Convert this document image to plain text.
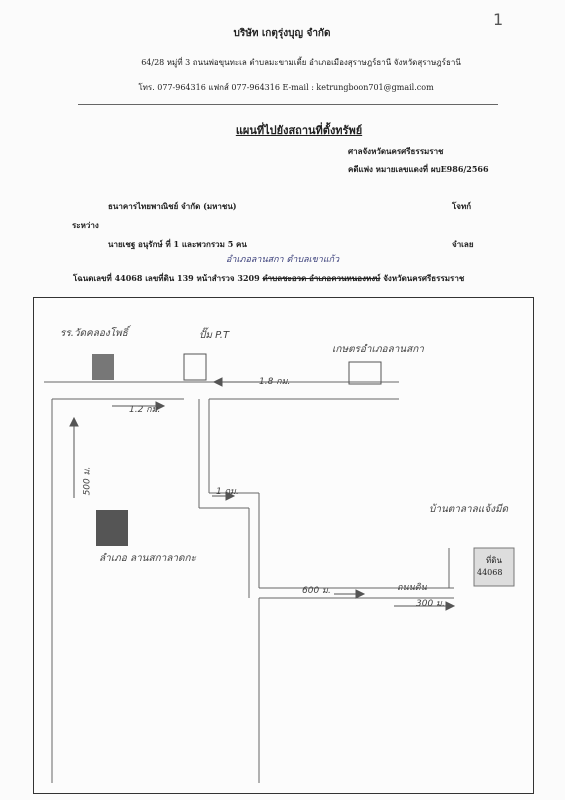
1
บริษัท เกตุรุ่งบุญ จำกัด
64/28 หมู่ที่ 3 ถนนพ่อขุนทะเล ตำบลมะขามเตี้ย อำเภอเมืองสุราษฎร์ธานี จังหวัดสุราษฎร์ธานี
โทร. 077-964316 แฟกส์ 077-964316 E-mail : ketrungboon701@gmail.com
แผนที่ไปยังสถานที่ตั้งทรัพย์
ศาลจังหวัดนครศรีธรรมราช
คดีแพ่ง หมายเลขแดงที่ ผบE986/2566
ธนาคารไทยพาณิชย์ จำกัด (มหาชน)	โจทก์
ระหว่าง
นายเชฐ อนุรักษ์ ที่ 1 และพวกรวม 5 คน	จำเลย
อำเภอลานสกา ตำบลเขาแก้ว
โฉนดเลขที่ 44068 เลขที่ดิน 139 หน้าสำรวจ 3209 ตำบลชะอวด อำเภอควนหนองหงษ์ จังหวัดนครศรีธรรมราช
รร.วัดคลองโพธิ์	ปั๊ม P.T
เกษตรอำเภอลานสกา
1.8 กม.
1.2 กม.
500 ม.	1 กม.
บ้านตาลาลแจ้งมีด
ลำเภอ ลานสกาลาดกะ
600 ม.	ถนนดิน
300 ม.
ที่ดิน
44068
